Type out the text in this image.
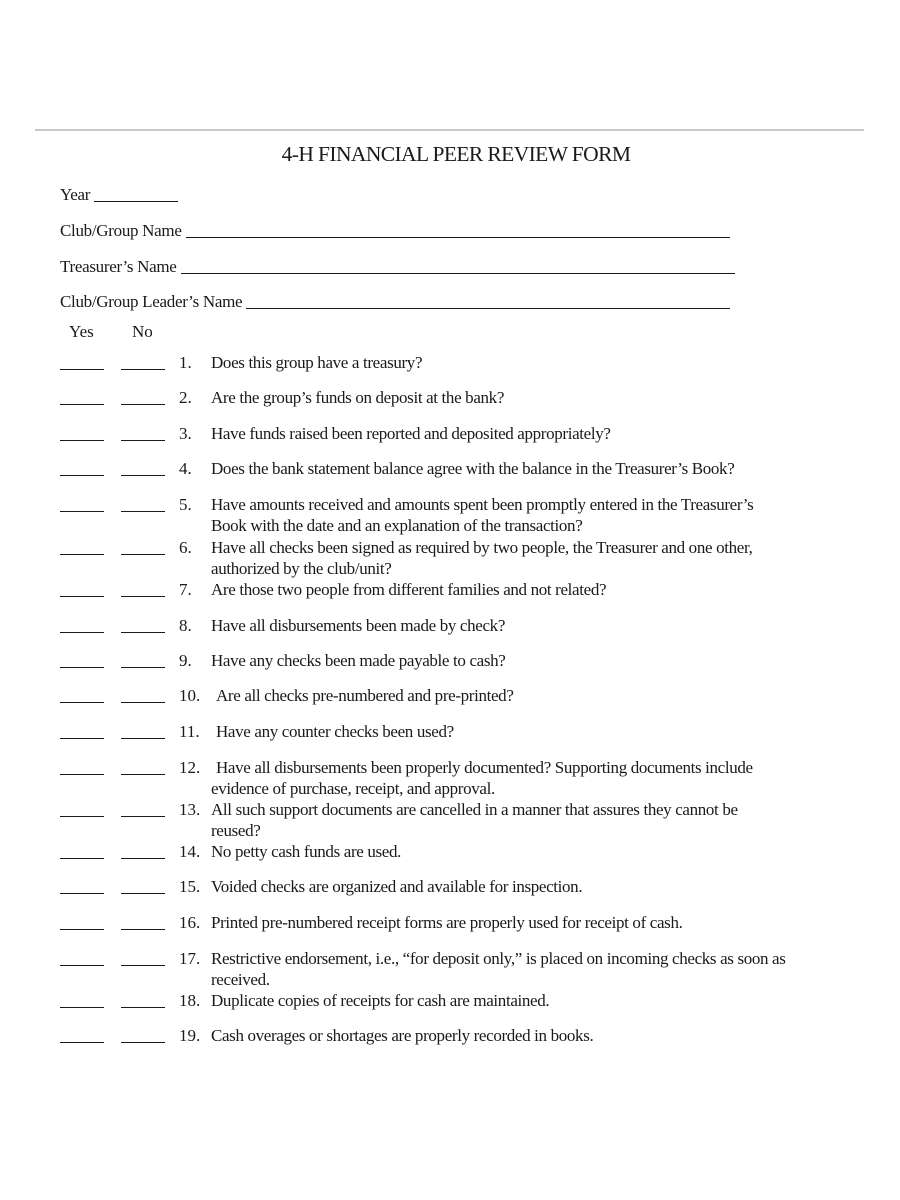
4-H FINANCIAL PEER REVIEW FORM
Year
Club/Group Name
Treasurer’s Name
Club/Group Leader’s Name
Yes No
1. Does this group have a treasury?
2. Are the group’s funds on deposit at the bank?
3. Have funds raised been reported and deposited appropriately?
4. Does the bank statement balance agree with the balance in the Treasurer’s Book?
5. Have amounts received and amounts spent been promptly entered in the Treasurer’s
Book with the date and an explanation of the transaction?
6. Have all checks been signed as required by two people, the Treasurer and one other,
authorized by the club/unit?
7. Are those two people from different families and not related?
8. Have all disbursements been made by check?
9. Have any checks been made payable to cash?
10. Are all checks pre-numbered and pre-printed?
11. Have any counter checks been used?
12. Have all disbursements been properly documented? Supporting documents include
evidence of purchase, receipt, and approval.
13. All such support documents are cancelled in a manner that assures they cannot be
reused?
14. No petty cash funds are used.
15. Voided checks are organized and available for inspection.
16. Printed pre-numbered receipt forms are properly used for receipt of cash.
17. Restrictive endorsement, i.e., “for deposit only,” is placed on incoming checks as soon as
received.
18. Duplicate copies of receipts for cash are maintained.
19. Cash overages or shortages are properly recorded in books.
